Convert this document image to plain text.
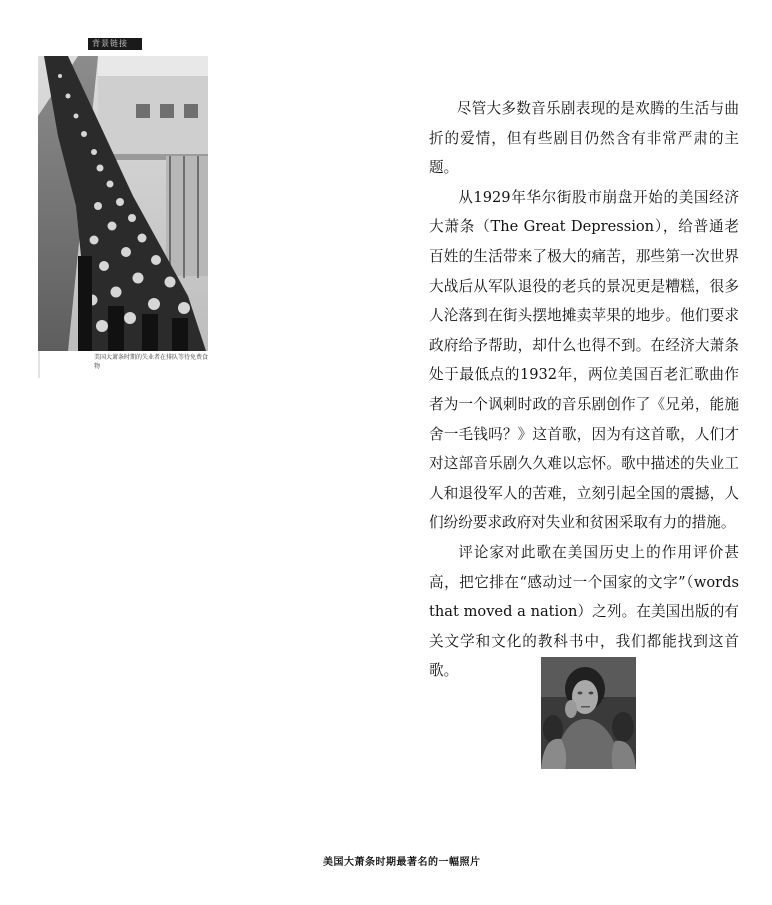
背景链接
美国大萧条时期的失业者在排队等待免费食物

尽管大多数音乐剧表现的是欢腾的生活与曲折的爱情，但有些剧目仍然含有非常严肃的主题。

从1929年华尔街股市崩盘开始的美国经济大萧条（The Great Depression），给普通老百姓的生活带来了极大的痛苦，那些第一次世界大战后从军队退役的老兵的景况更是糟糕，很多人沦落到在街头摆地摊卖苹果的地步。他们要求政府给予帮助，却什么也得不到。在经济大萧条处于最低点的1932年，两位美国百老汇歌曲作者为一个讽刺时政的音乐剧创作了《兄弟，能施舍一毛钱吗？》这首歌，因为有这首歌，人们才对这部音乐剧久久难以忘怀。歌中描述的失业工人和退役军人的苦难，立刻引起全国的震撼，人们纷纷要求政府对失业和贫困采取有力的措施。

评论家对此歌在美国历史上的作用评价甚高，把它排在“感动过一个国家的文字”（words that moved a nation）之列。在美国出版的有关文学和文化的教科书中，我们都能找到这首歌。

美国大萧条时期最著名的一幅照片
